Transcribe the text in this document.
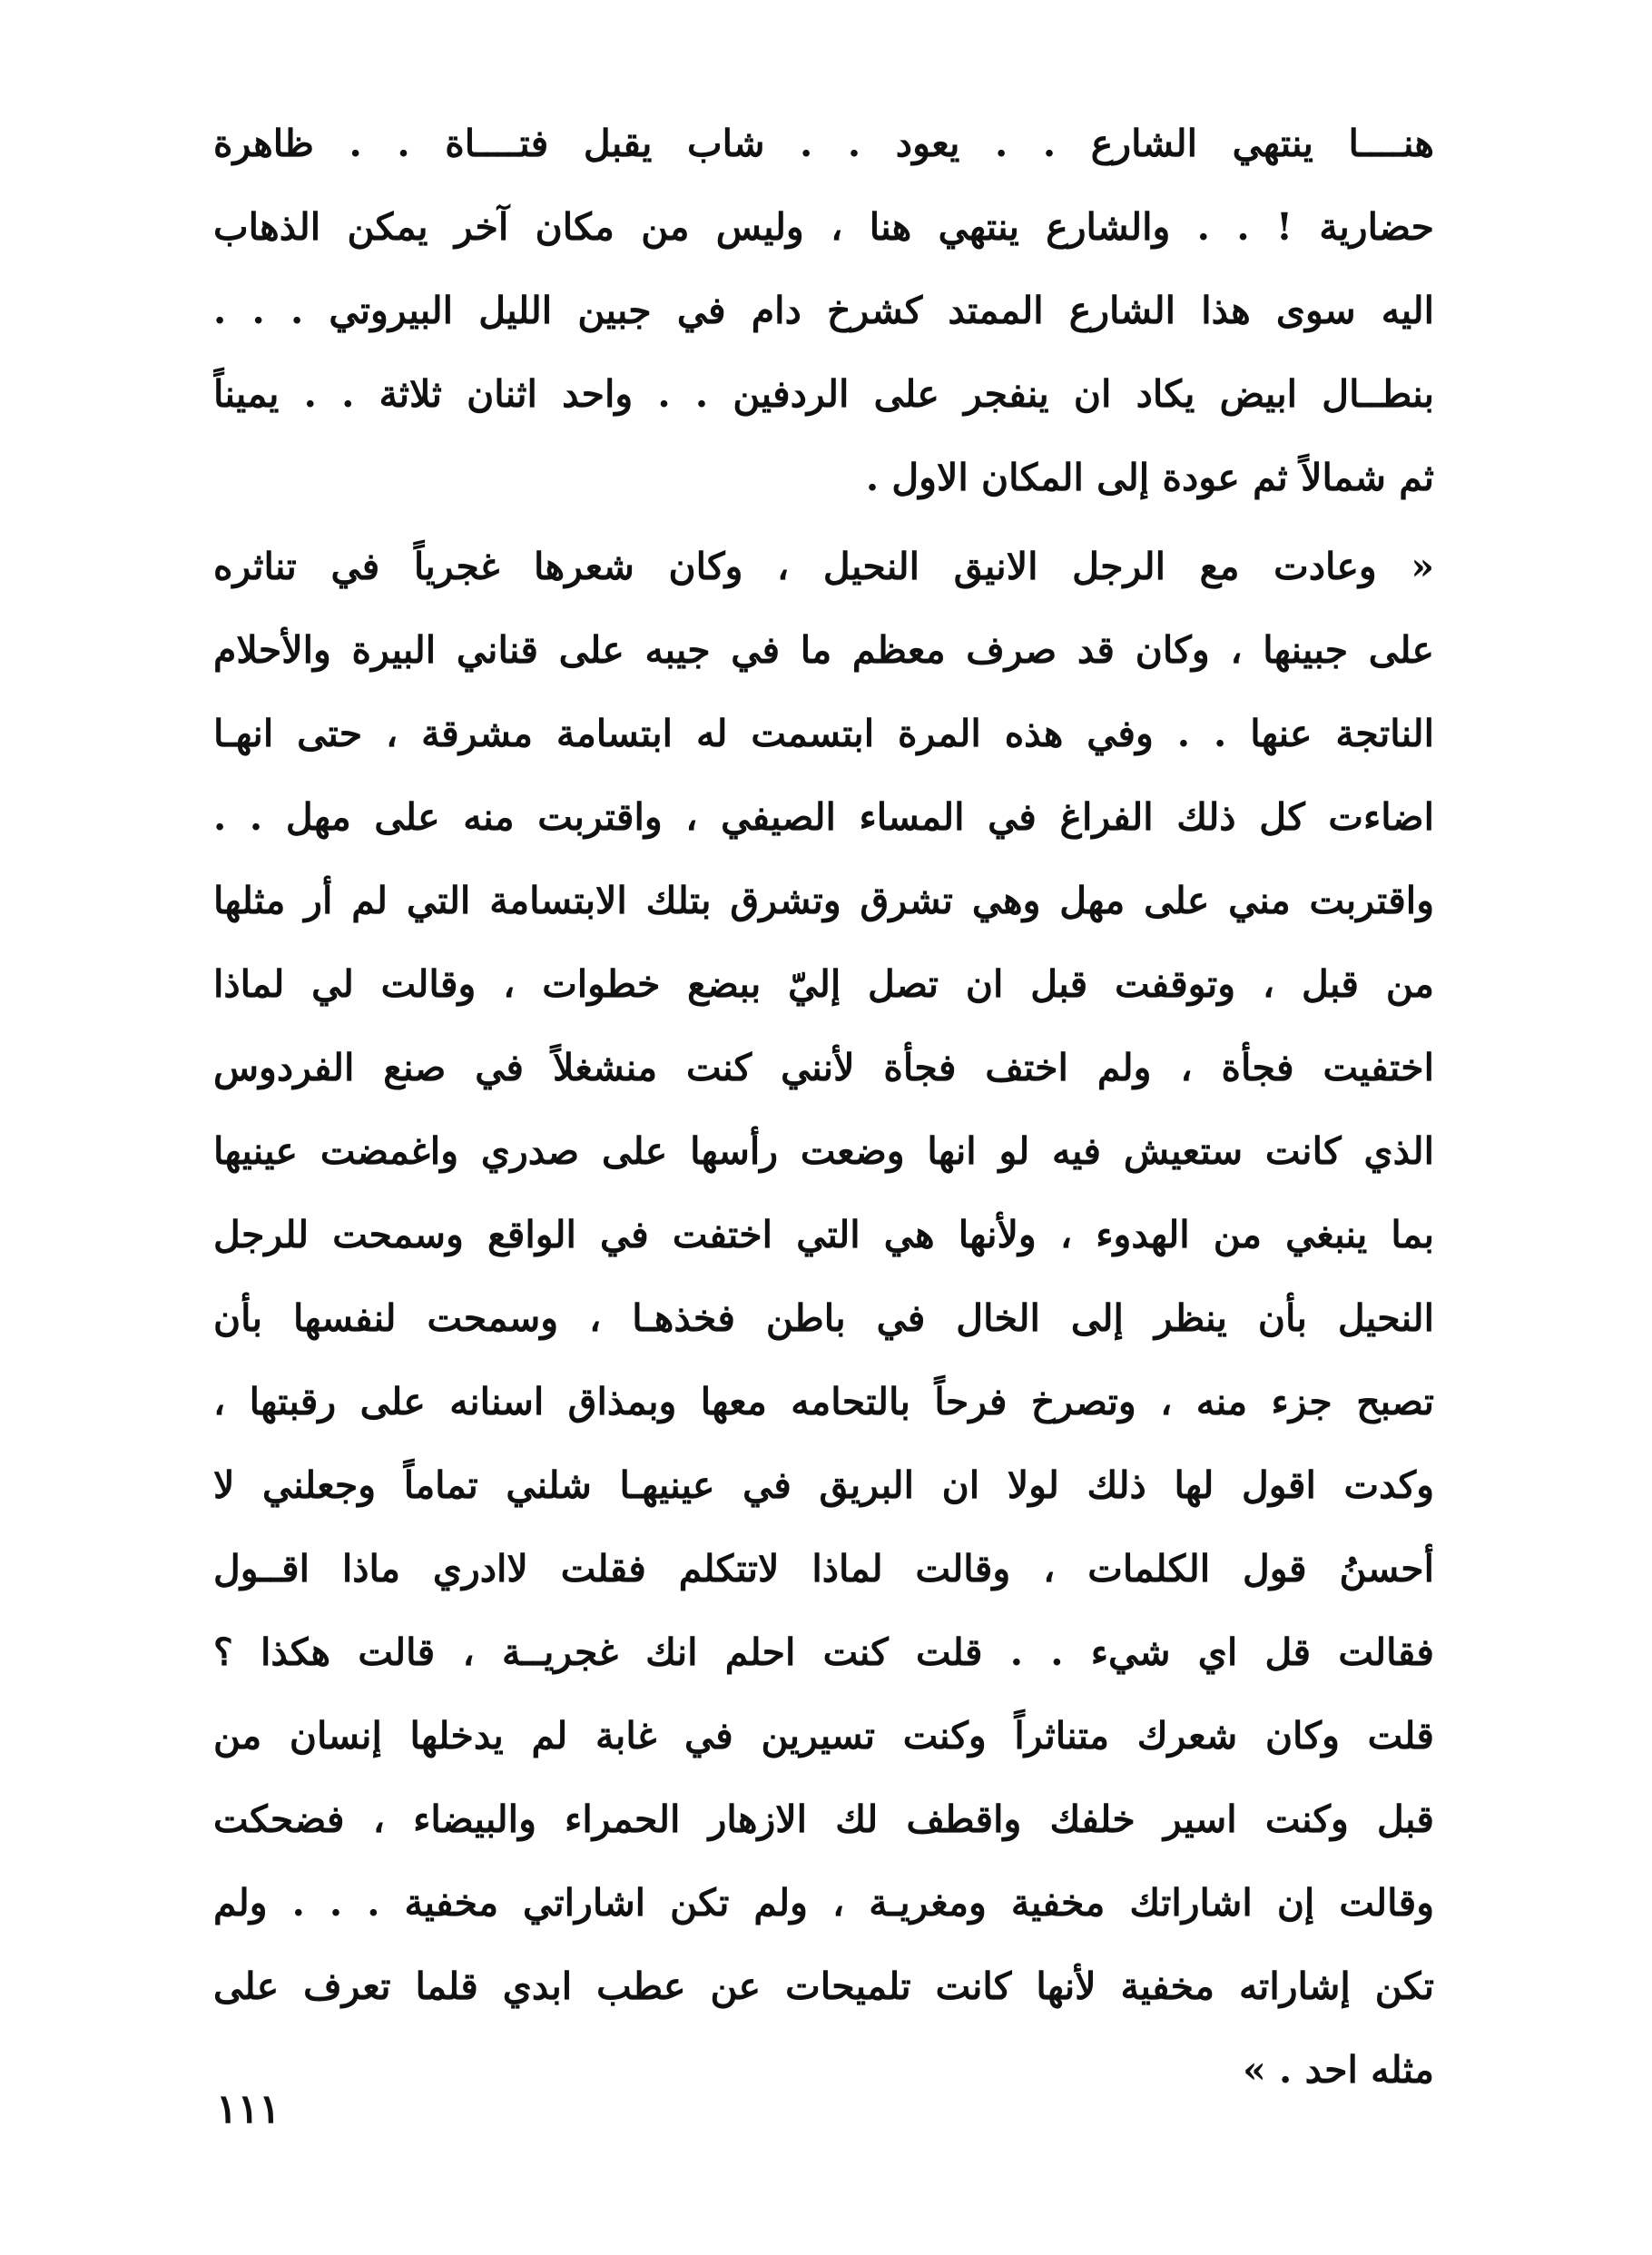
هنــــا ينتهي الشارع . . يعود . . شاب يقبل فتــــاة . . ظاهرة
حضارية ! . . والشارع ينتهي هنا ، وليس من مكان آخر يمكن الذهاب
اليه سوى هذا الشارع الممتد كشرخ دام في جبين الليل البيروتي . . .
بنطــال ابيض يكاد ان ينفجر على الردفين . . واحد اثنان ثلاثة . . يميناً
ثم شمالاً ثم عودة إلى المكان الاول .
« وعادت مع الرجل الانيق النحيل ، وكان شعرها غجرياً في تناثره
على جبينها ، وكان قد صرف معظم ما في جيبه على قناني البيرة والأحلام
الناتجة عنها . . وفي هذه المرة ابتسمت له ابتسامة مشرقة ، حتى انهـا
اضاءت كل ذلك الفراغ في المساء الصيفي ، واقتربت منه على مهل . .
واقتربت مني على مهل وهي تشرق وتشرق بتلك الابتسامة التي لم أر مثلها
من قبل ، وتوقفت قبل ان تصل إليّ ببضع خطوات ، وقالت لي لماذا
اختفيت فجأة ، ولم اختف فجأة لأنني كنت منشغلاً في صنع الفردوس
الذي كانت ستعيش فيه لو انها وضعت رأسها على صدري واغمضت عينيها
بما ينبغي من الهدوء ، ولأنها هي التي اختفت في الواقع وسمحت للرجل
النحيل بأن ينظر إلى الخال في باطن فخذهـا ، وسمحت لنفسها بأن
تصبح جزء منه ، وتصرخ فرحاً بالتحامه معها وبمذاق اسنانه على رقبتها ،
وكدت اقول لها ذلك لولا ان البريق في عينيهـا شلني تماماً وجعلني لا
أحسنُ قول الكلمات ، وقالت لماذا لاتتكلم فقلت لاادري ماذا اقــول
فقالت قل اي شيء . . قلت كنت احلم انك غجريــة ، قالت هكذا ؟
قلت وكان شعرك متناثراً وكنت تسيرين في غابة لم يدخلها إنسان من
قبل وكنت اسير خلفك واقطف لك الازهار الحمراء والبيضاء ، فضحكت
وقالت إن اشاراتك مخفية ومغريـة ، ولم تكن اشاراتي مخفية . . . ولم
تكن إشاراته مخفية لأنها كانت تلميحات عن عطب ابدي قلما تعرف على
مثله احد . »
١١١
